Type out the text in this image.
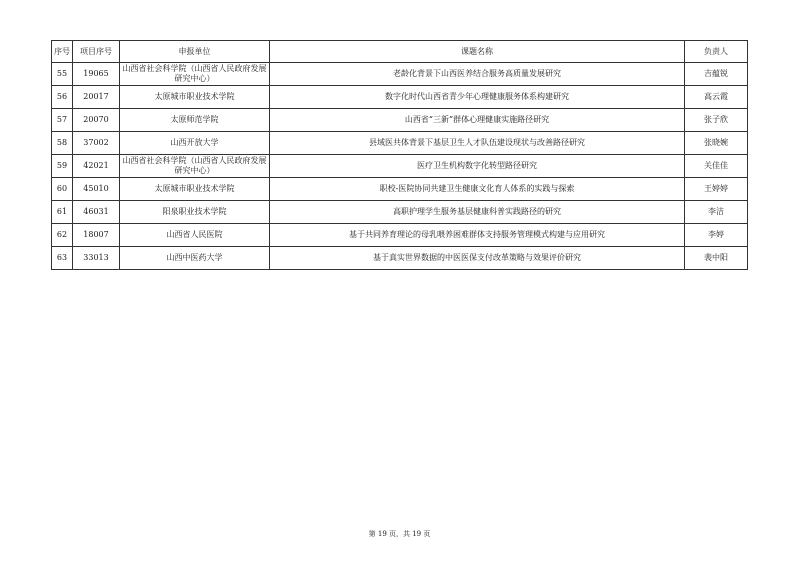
序号	项目序号	申报单位	课题名称	负责人
55	19065	山西省社会科学院（山西省人民政府发展研究中心）	老龄化背景下山西医养结合服务高质量发展研究	吉蕴锐
56	20017	太原城市职业技术学院	数字化时代山西省青少年心理健康服务体系构建研究	高云霞
57	20070	太原师范学院	山西省“三新”群体心理健康实施路径研究	张子欣
58	37002	山西开放大学	县域医共体背景下基层卫生人才队伍建设现状与改善路径研究	张晓婉
59	42021	山西省社会科学院（山西省人民政府发展研究中心）	医疗卫生机构数字化转型路径研究	关佳佳
60	45010	太原城市职业技术学院	职校-医院协同共建卫生健康文化育人体系的实践与探索	王婷婷
61	46031	阳泉职业技术学院	高职护理学生服务基层健康科普实践路径的研究	李洁
62	18007	山西省人民医院	基于共同养育理论的母乳喂养困难群体支持服务管理模式构建与应用研究	李婷
63	33013	山西中医药大学	基于真实世界数据的中医医保支付改革策略与效果评价研究	裴中阳
第 19 页，共 19 页
